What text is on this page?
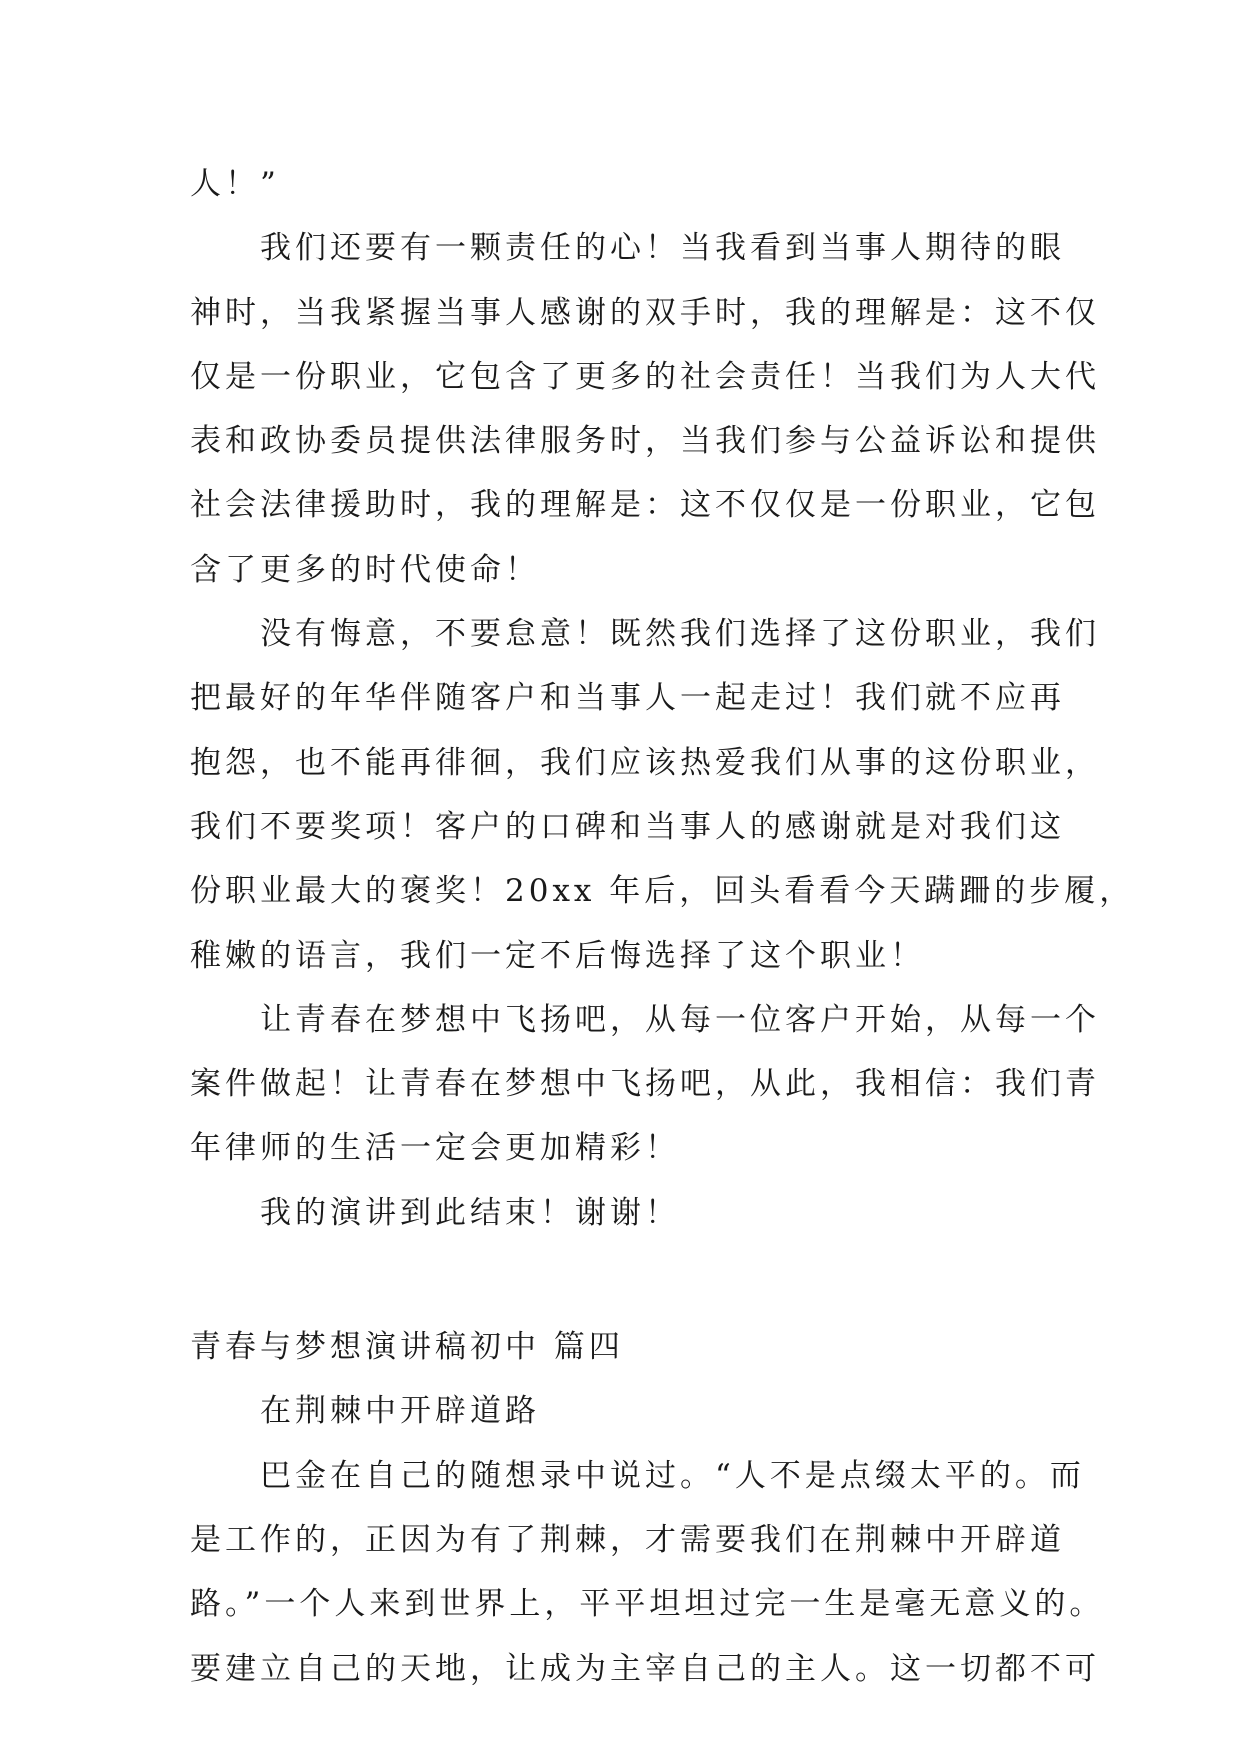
人！”
　　我们还要有一颗责任的心！当我看到当事人期待的眼
神时，当我紧握当事人感谢的双手时，我的理解是：这不仅
仅是一份职业，它包含了更多的社会责任！当我们为人大代
表和政协委员提供法律服务时，当我们参与公益诉讼和提供
社会法律援助时，我的理解是：这不仅仅是一份职业，它包
含了更多的时代使命！
　　没有悔意，不要怠意！既然我们选择了这份职业，我们
把最好的年华伴随客户和当事人一起走过！我们就不应再
抱怨，也不能再徘徊，我们应该热爱我们从事的这份职业，
我们不要奖项！客户的口碑和当事人的感谢就是对我们这
份职业最大的褒奖！20xx 年后，回头看看今天蹒跚的步履，
稚嫩的语言，我们一定不后悔选择了这个职业！
　　让青春在梦想中飞扬吧，从每一位客户开始，从每一个
案件做起！让青春在梦想中飞扬吧，从此，我相信：我们青
年律师的生活一定会更加精彩！
　　我的演讲到此结束！谢谢！
青春与梦想演讲稿初中 篇四
　　在荆棘中开辟道路
　　巴金在自己的随想录中说过。“人不是点缀太平的。而
是工作的，正因为有了荆棘，才需要我们在荆棘中开辟道
路。”一个人来到世界上，平平坦坦过完一生是毫无意义的。
要建立自己的天地，让成为主宰自己的主人。这一切都不可
